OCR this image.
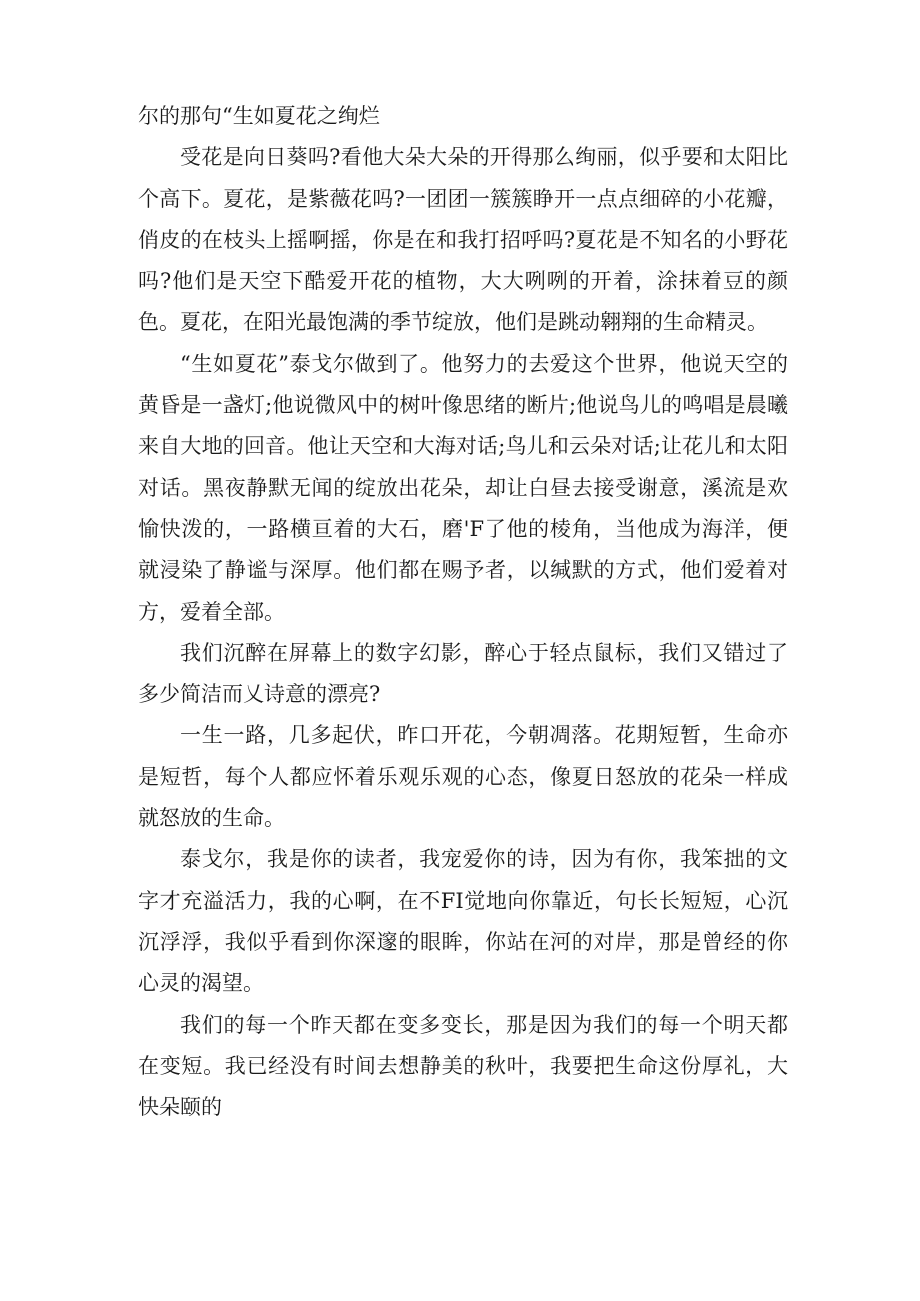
尔的那句“生如夏花之绚烂

受花是向日葵吗?看他大朵大朵的开得那么绚丽，似乎要和太阳比个高下。夏花，是紫薇花吗?一团团一簇簇睁开一点点细碎的小花瓣，俏皮的在枝头上摇啊摇，你是在和我打招呼吗?夏花是不知名的小野花吗?他们是天空下酷爱开花的植物，大大咧咧的开着，涂抹着豆的颜色。夏花，在阳光最饱满的季节绽放，他们是跳动翱翔的生命精灵。

“生如夏花”泰戈尔做到了。他努力的去爱这个世界，他说天空的黄昏是一盏灯;他说微风中的树叶像思绪的断片;他说鸟儿的鸣唱是晨曦来自大地的回音。他让天空和大海对话;鸟儿和云朵对话;让花儿和太阳对话。黑夜静默无闻的绽放出花朵，却让白昼去接受谢意，溪流是欢愉快泼的，一路横亘着的大石，磨'F了他的棱角，当他成为海洋，便就浸染了静谧与深厚。他们都在赐予者，以缄默的方式，他们爱着对方，爱着全部。

我们沉醉在屏幕上的数字幻影，醉心于轻点鼠标，我们又错过了多少简洁而乂诗意的漂亮?

一生一路，几多起伏，昨口开花，今朝凋落。花期短暂，生命亦是短哲，每个人都应怀着乐观乐观的心态，像夏日怒放的花朵一样成就怒放的生命。

泰戈尔，我是你的读者，我宠爱你的诗，因为有你，我笨拙的文字才充溢活力，我的心啊，在不FI觉地向你靠近，句长长短短，心沉沉浮浮，我似乎看到你深邃的眼眸，你站在河的对岸，那是曾经的你心灵的渴望。

我们的每一个昨天都在变多变长，那是因为我们的每一个明天都在变短。我已经没有时间去想静美的秋叶，我要把生命这份厚礼，大快朵颐的
